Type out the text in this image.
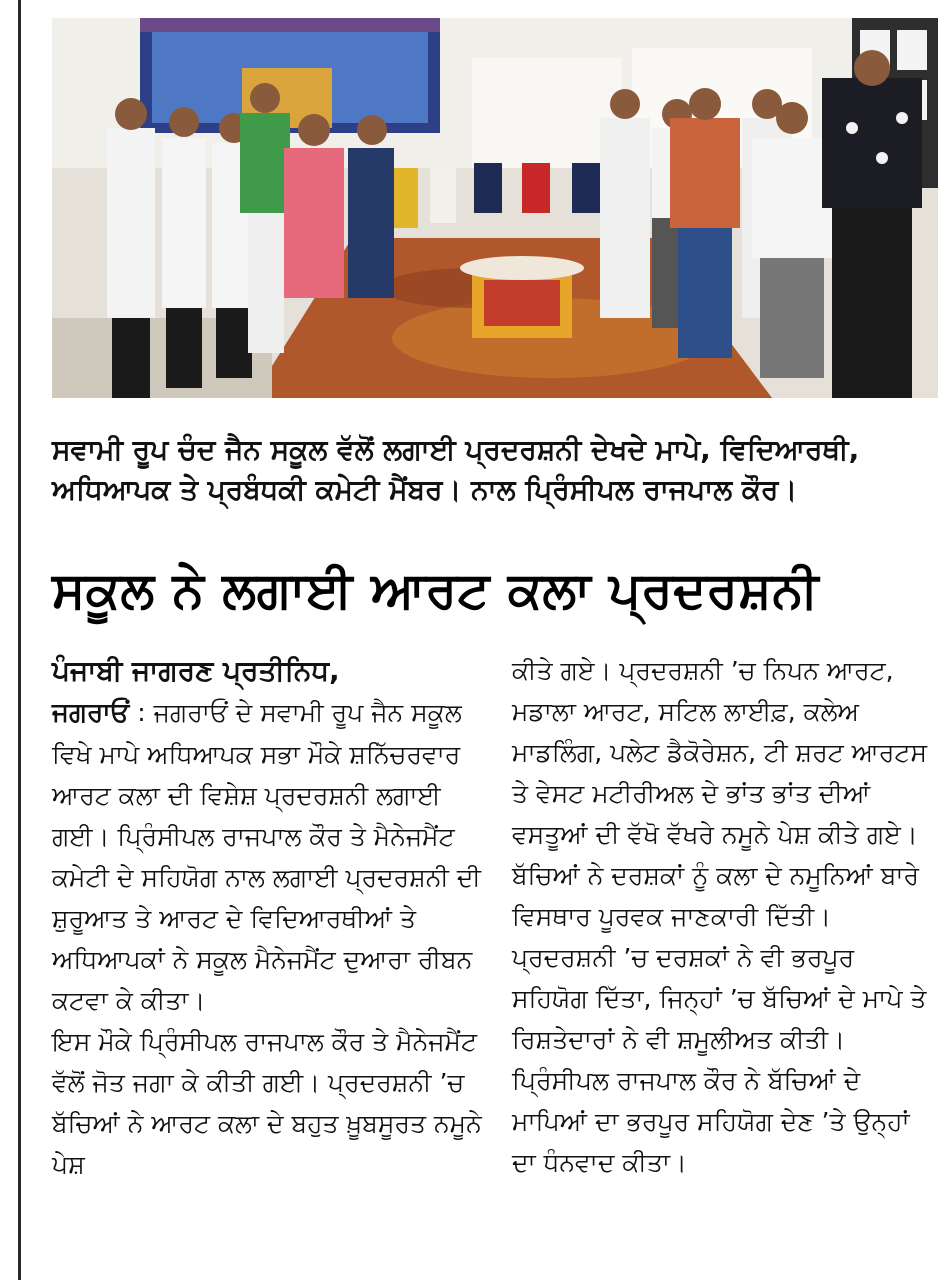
ਸਵਾਮੀ ਰੂਪ ਚੰਦ ਜੈਨ ਸਕੂਲ ਵੱਲੋਂ ਲਗਾਈ ਪ੍ਰਦਰਸ਼ਨੀ ਦੇਖਦੇ ਮਾਪੇ, ਵਿਦਿਆਰਥੀ, ਅਧਿਆਪਕ ਤੇ ਪ੍ਰਬੰਧਕੀ ਕਮੇਟੀ ਮੈਂਬਰ। ਨਾਲ ਪ੍ਰਿੰਸੀਪਲ ਰਾਜਪਾਲ ਕੌਰ।
ਸਕੂਲ ਨੇ ਲਗਾਈ ਆਰਟ ਕਲਾ ਪ੍ਰਦਰਸ਼ਨੀ

ਪੰਜਾਬੀ ਜਾਗਰਣ ਪ੍ਰਤੀਨਿਧ,
ਜਗਰਾਓਂ : ਜਗਰਾਓਂ ਦੇ ਸਵਾਮੀ ਰੂਪ ਜੈਨ ਸਕੂਲ ਵਿਖੇ ਮਾਪੇ ਅਧਿਆਪਕ ਸਭਾ ਮੌਕੇ ਸ਼ਨਿੱਚਰਵਾਰ ਆਰਟ ਕਲਾ ਦੀ ਵਿਸ਼ੇਸ਼ ਪ੍ਰਦਰਸ਼ਨੀ ਲਗਾਈ ਗਈ। ਪ੍ਰਿੰਸੀਪਲ ਰਾਜਪਾਲ ਕੌਰ ਤੇ ਮੈਨੇਜਮੈਂਟ ਕਮੇਟੀ ਦੇ ਸਹਿਯੋਗ ਨਾਲ ਲਗਾਈ ਪ੍ਰਦਰਸ਼ਨੀ ਦੀ ਸ਼ੁਰੂਆਤ ਤੇ ਆਰਟ ਦੇ ਵਿਦਿਆਰਥੀਆਂ ਤੇ ਅਧਿਆਪਕਾਂ ਨੇ ਸਕੂਲ ਮੈਨੇਜਮੈਂਟ ਦੁਆਰਾ ਰੀਬਨ ਕਟਵਾ ਕੇ ਕੀਤਾ।

ਇਸ ਮੌਕੇ ਪ੍ਰਿੰਸੀਪਲ ਰਾਜਪਾਲ ਕੌਰ ਤੇ ਮੈਨੇਜਮੈਂਟ ਵੱਲੋਂ ਜੋਤ ਜਗਾ ਕੇ ਕੀਤੀ ਗਈ। ਪ੍ਰਦਰਸ਼ਨੀ ’ਚ ਬੱਚਿਆਂ ਨੇ ਆਰਟ ਕਲਾ ਦੇ ਬਹੁਤ ਖ਼ੂਬਸੂਰਤ ਨਮੂਨੇ ਪੇਸ਼

ਕੀਤੇ ਗਏ। ਪ੍ਰਦਰਸ਼ਨੀ ’ਚ ਨਿਪਨ ਆਰਟ, ਮਡਾਲਾ ਆਰਟ, ਸਟਿਲ ਲਾਈਫ਼, ਕਲੇਅ ਮਾਡਲਿੰਗ, ਪਲੇਟ ਡੈਕੋਰੇਸ਼ਨ, ਟੀ ਸ਼ਰਟ ਆਰਟਸ ਤੇ ਵੇਸਟ ਮਟੀਰੀਅਲ ਦੇ ਭਾਂਤ ਭਾਂਤ ਦੀਆਂ ਵਸਤੂਆਂ ਦੀ ਵੱਖੋ ਵੱਖਰੇ ਨਮੂਨੇ ਪੇਸ਼ ਕੀਤੇ ਗਏ। ਬੱਚਿਆਂ ਨੇ ਦਰਸ਼ਕਾਂ ਨੂੰ ਕਲਾ ਦੇ ਨਮੂਨਿਆਂ ਬਾਰੇ ਵਿਸਥਾਰ ਪੂਰਵਕ ਜਾਣਕਾਰੀ ਦਿੱਤੀ।

ਪ੍ਰਦਰਸ਼ਨੀ ’ਚ ਦਰਸ਼ਕਾਂ ਨੇ ਵੀ ਭਰਪੂਰ ਸਹਿਯੋਗ ਦਿੱਤਾ, ਜਿਨ੍ਹਾਂ ’ਚ ਬੱਚਿਆਂ ਦੇ ਮਾਪੇ ਤੇ ਰਿਸ਼ਤੇਦਾਰਾਂ ਨੇ ਵੀ ਸ਼ਮੂਲੀਅਤ ਕੀਤੀ। ਪ੍ਰਿੰਸੀਪਲ ਰਾਜਪਾਲ ਕੌਰ ਨੇ ਬੱਚਿਆਂ ਦੇ ਮਾਪਿਆਂ ਦਾ ਭਰਪੂਰ ਸਹਿਯੋਗ ਦੇਣ ’ਤੇ ਉਨ੍ਹਾਂ ਦਾ ਧੰਨਵਾਦ ਕੀਤਾ।
